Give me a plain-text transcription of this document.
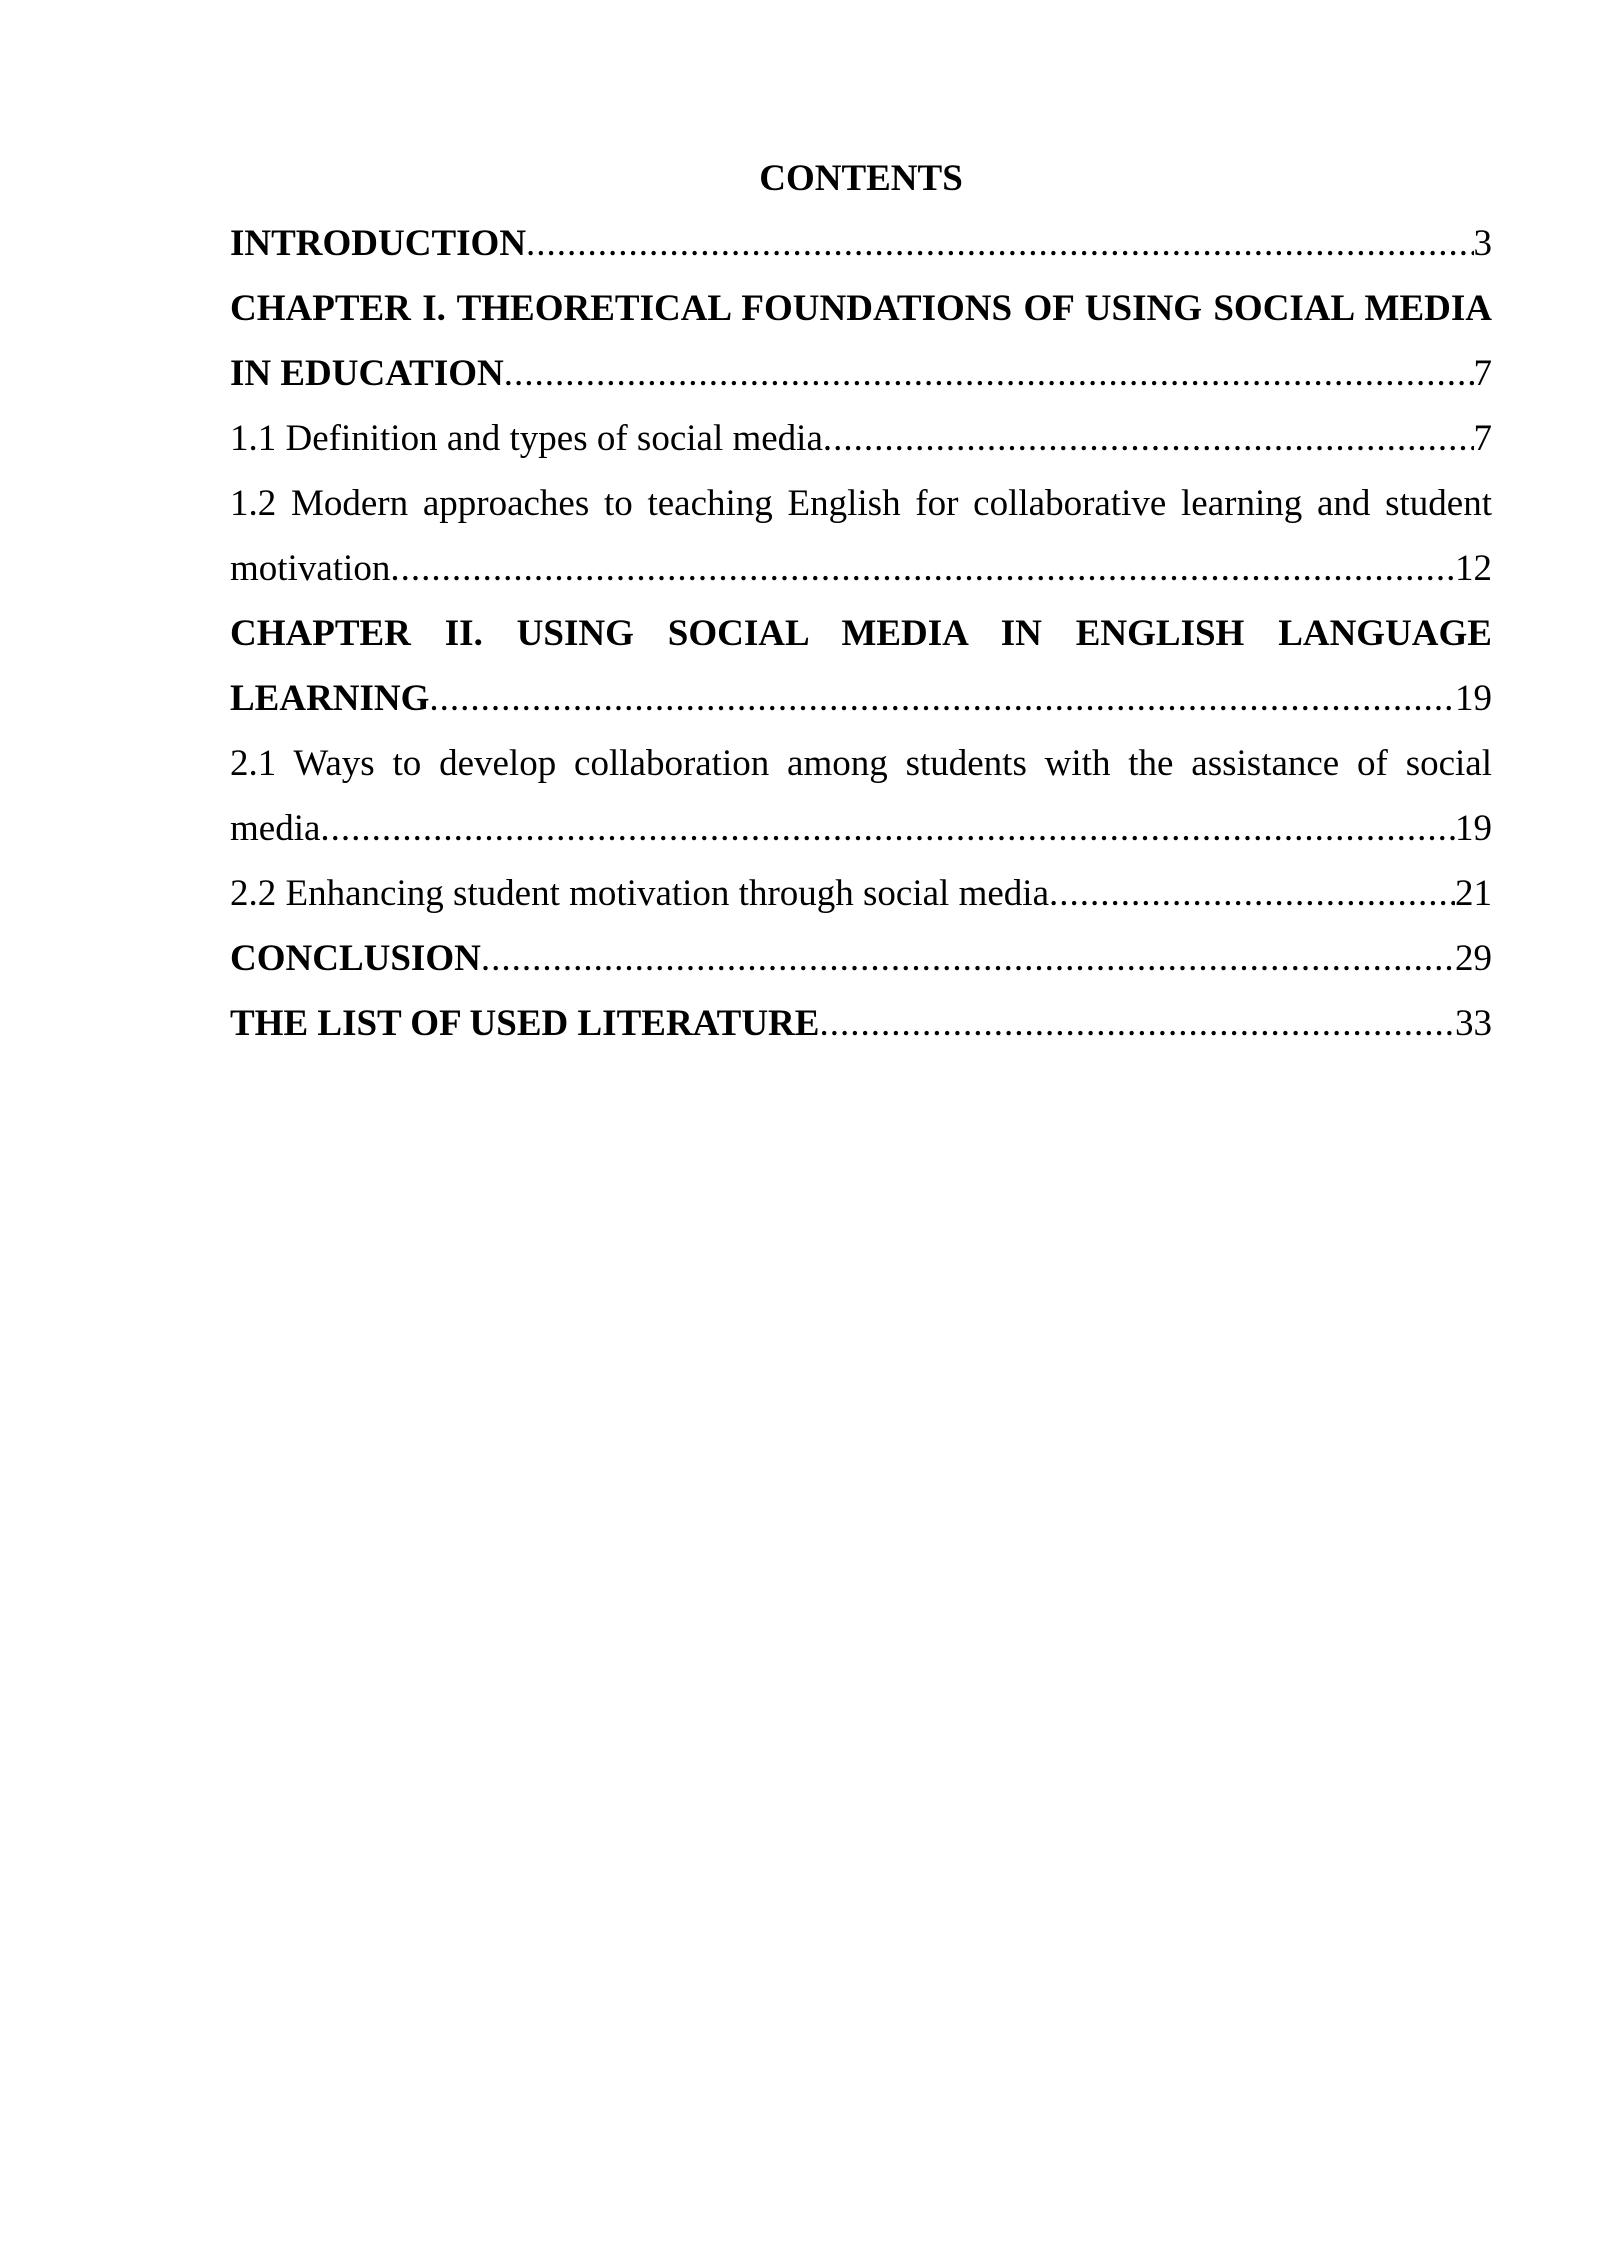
CONTENTS

INTRODUCTION .....	3
CHAPTER I. THEORETICAL FOUNDATIONS OF USING SOCIAL MEDIA
IN EDUCATION .....	7
1.1 Definition and types of social media .....	7
1.2 Modern approaches to teaching English for collaborative learning and student
motivation .....	12
CHAPTER II. USING SOCIAL MEDIA IN ENGLISH LANGUAGE
LEARNING .....	19
2.1 Ways to develop collaboration among students with the assistance of social
media .....	19
2.2 Enhancing student motivation through social media .....	21
CONCLUSION .....	29
THE LIST OF USED LITERATURE .....	33
